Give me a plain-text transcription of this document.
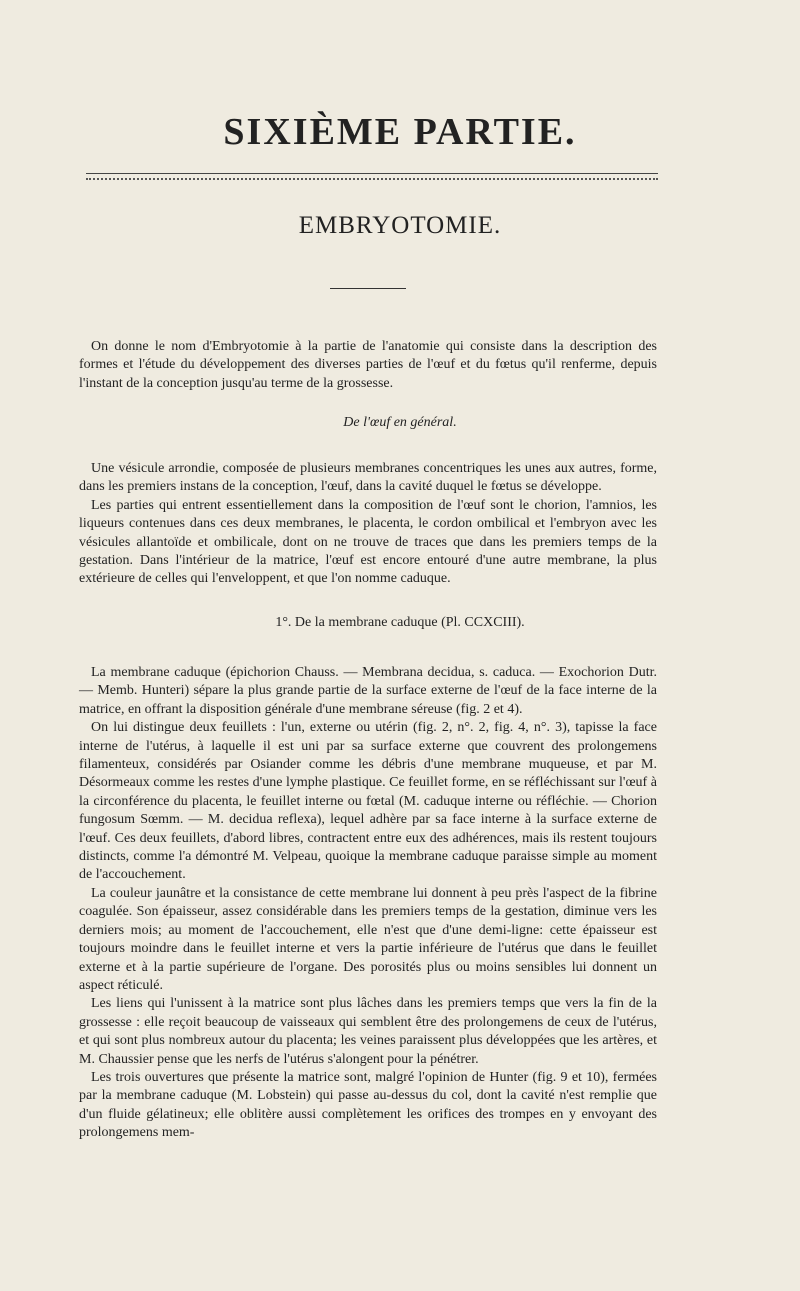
SIXIÈME PARTIE.
EMBRYOTOMIE.

On donne le nom d'Embryotomie à la partie de l'anatomie qui consiste dans la description des formes et l'étude du développement des diverses parties de l'œuf et du fœtus qu'il renferme, depuis l'instant de la conception jusqu'au terme de la grossesse.

De l'œuf en général.

Une vésicule arrondie, composée de plusieurs membranes concentriques les unes aux autres, forme, dans les premiers instans de la conception, l'œuf, dans la cavité duquel le fœtus se développe.

Les parties qui entrent essentiellement dans la composition de l'œuf sont le chorion, l'amnios, les liqueurs contenues dans ces deux membranes, le placenta, le cordon ombilical et l'embryon avec les vésicules allantoïde et ombilicale, dont on ne trouve de traces que dans les premiers temps de la gestation. Dans l'intérieur de la matrice, l'œuf est encore entouré d'une autre membrane, la plus extérieure de celles qui l'enveloppent, et que l'on nomme caduque.

1°. De la membrane caduque (Pl. CCXCIII).

La membrane caduque (épichorion Chauss. — Membrana decidua, s. caduca. — Exochorion Dutr. — Memb. Hunteri) sépare la plus grande partie de la surface externe de l'œuf de la face interne de la matrice, en offrant la disposition générale d'une membrane séreuse (fig. 2 et 4).

On lui distingue deux feuillets : l'un, externe ou utérin (fig. 2, n°. 2, fig. 4, n°. 3), tapisse la face interne de l'utérus, à laquelle il est uni par sa surface externe que couvrent des prolongemens filamenteux, considérés par Osiander comme les débris d'une membrane muqueuse, et par M. Désormeaux comme les restes d'une lymphe plastique. Ce feuillet forme, en se réfléchissant sur l'œuf à la circonférence du placenta, le feuillet interne ou fœtal (M. caduque interne ou réfléchie. — Chorion fungosum Sœmm. — M. decidua reflexa), lequel adhère par sa face interne à la surface externe de l'œuf. Ces deux feuillets, d'abord libres, contractent entre eux des adhérences, mais ils restent toujours distincts, comme l'a démontré M. Velpeau, quoique la membrane caduque paraisse simple au moment de l'accouchement.

La couleur jaunâtre et la consistance de cette membrane lui donnent à peu près l'aspect de la fibrine coagulée. Son épaisseur, assez considérable dans les premiers temps de la gestation, diminue vers les derniers mois; au moment de l'accouchement, elle n'est que d'une demi-ligne: cette épaisseur est toujours moindre dans le feuillet interne et vers la partie inférieure de l'utérus que dans le feuillet externe et à la partie supérieure de l'organe. Des porosités plus ou moins sensibles lui donnent un aspect réticulé.

Les liens qui l'unissent à la matrice sont plus lâches dans les premiers temps que vers la fin de la grossesse : elle reçoit beaucoup de vaisseaux qui semblent être des prolongemens de ceux de l'utérus, et qui sont plus nombreux autour du placenta; les veines paraissent plus développées que les artères, et M. Chaussier pense que les nerfs de l'utérus s'alongent pour la pénétrer.

Les trois ouvertures que présente la matrice sont, malgré l'opinion de Hunter (fig. 9 et 10), fermées par la membrane caduque (M. Lobstein) qui passe au-dessus du col, dont la cavité n'est remplie que d'un fluide gélatineux; elle oblitère aussi complètement les orifices des trompes en y envoyant des prolongemens mem-
